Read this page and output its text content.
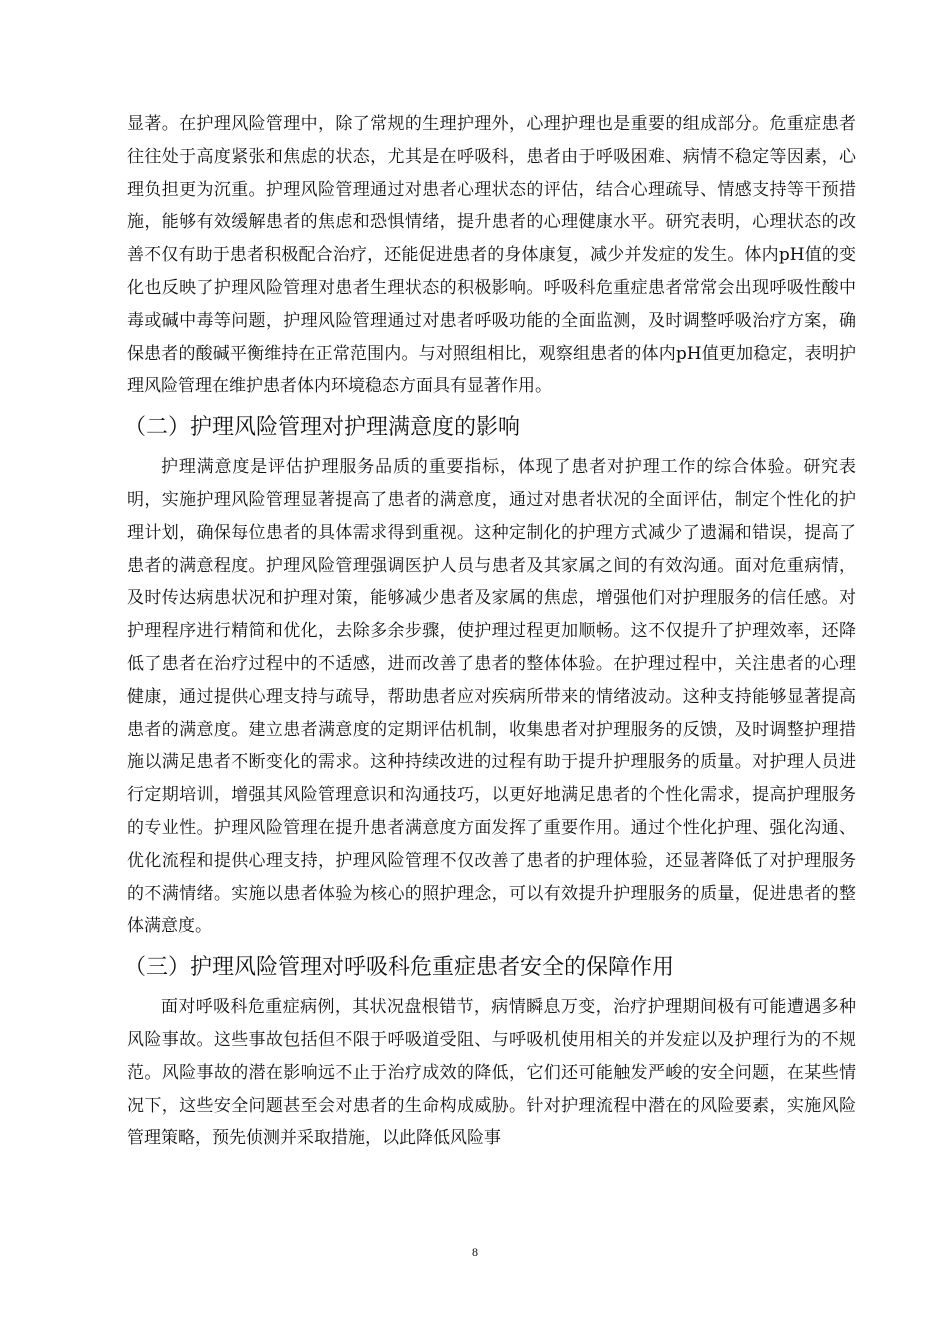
显著。在护理风险管理中，除了常规的生理护理外，心理护理也是重要的组成部分。危重症患者往往处于高度紧张和焦虑的状态，尤其是在呼吸科，患者由于呼吸困难、病情不稳定等因素，心理负担更为沉重。护理风险管理通过对患者心理状态的评估，结合心理疏导、情感支持等干预措施，能够有效缓解患者的焦虑和恐惧情绪，提升患者的心理健康水平。研究表明，心理状态的改善不仅有助于患者积极配合治疗，还能促进患者的身体康复，减少并发症的发生。体内pH值的变化也反映了护理风险管理对患者生理状态的积极影响。呼吸科危重症患者常常会出现呼吸性酸中毒或碱中毒等问题，护理风险管理通过对患者呼吸功能的全面监测，及时调整呼吸治疗方案，确保患者的酸碱平衡维持在正常范围内。与对照组相比，观察组患者的体内pH值更加稳定，表明护理风险管理在维护患者体内环境稳态方面具有显著作用。

（二）护理风险管理对护理满意度的影响

护理满意度是评估护理服务品质的重要指标，体现了患者对护理工作的综合体验。研究表明，实施护理风险管理显著提高了患者的满意度，通过对患者状况的全面评估，制定个性化的护理计划，确保每位患者的具体需求得到重视。这种定制化的护理方式减少了遗漏和错误，提高了患者的满意程度。护理风险管理强调医护人员与患者及其家属之间的有效沟通。面对危重病情，及时传达病患状况和护理对策，能够减少患者及家属的焦虑，增强他们对护理服务的信任感。对护理程序进行精简和优化，去除多余步骤，使护理过程更加顺畅。这不仅提升了护理效率，还降低了患者在治疗过程中的不适感，进而改善了患者的整体体验。在护理过程中，关注患者的心理健康，通过提供心理支持与疏导，帮助患者应对疾病所带来的情绪波动。这种支持能够显著提高患者的满意度。建立患者满意度的定期评估机制，收集患者对护理服务的反馈，及时调整护理措施以满足患者不断变化的需求。这种持续改进的过程有助于提升护理服务的质量。对护理人员进行定期培训，增强其风险管理意识和沟通技巧，以更好地满足患者的个性化需求，提高护理服务的专业性。护理风险管理在提升患者满意度方面发挥了重要作用。通过个性化护理、强化沟通、优化流程和提供心理支持，护理风险管理不仅改善了患者的护理体验，还显著降低了对护理服务的不满情绪。实施以患者体验为核心的照护理念，可以有效提升护理服务的质量，促进患者的整体满意度。

（三）护理风险管理对呼吸科危重症患者安全的保障作用

面对呼吸科危重症病例，其状况盘根错节，病情瞬息万变，治疗护理期间极有可能遭遇多种风险事故。这些事故包括但不限于呼吸道受阻、与呼吸机使用相关的并发症以及护理行为的不规范。风险事故的潜在影响远不止于治疗成效的降低，它们还可能触发严峻的安全问题，在某些情况下，这些安全问题甚至会对患者的生命构成威胁。针对护理流程中潜在的风险要素，实施风险管理策略，预先侦测并采取措施，以此降低风险事

8
